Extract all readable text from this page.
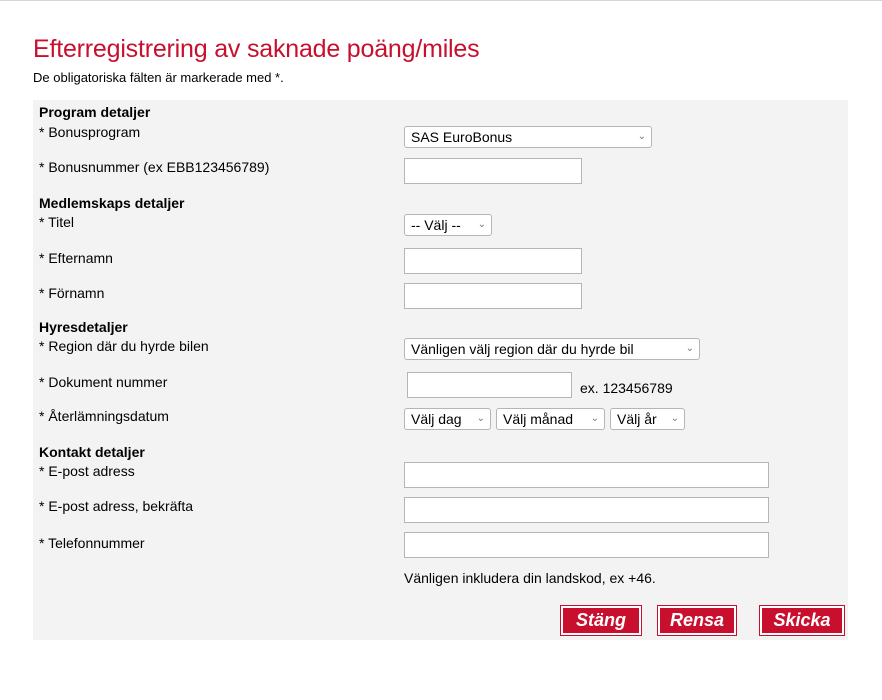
Efterregistrering av saknade poäng/miles
De obligatoriska fälten är markerade med *.
Program detaljer
* Bonusprogram	SAS EuroBonus	⌄
* Bonusnummer (ex EBB123456789)
Medlemskaps detaljer
* Titel	-- Välj -- ⌄
* Efternamn
* Förnamn
Hyresdetaljer
* Region där du hyrde bilen	Vänligen välj region där du hyrde bil	⌄
* Dokument nummer	ex. 123456789
* Återlämningsdatum	Välj dag ⌄	Välj månad ⌄	Välj år ⌄
Kontakt detaljer
* E-post adress
* E-post adress, bekräfta
* Telefonnummer
Vänligen inkludera din landskod, ex +46.
Stäng	Rensa	Skicka
